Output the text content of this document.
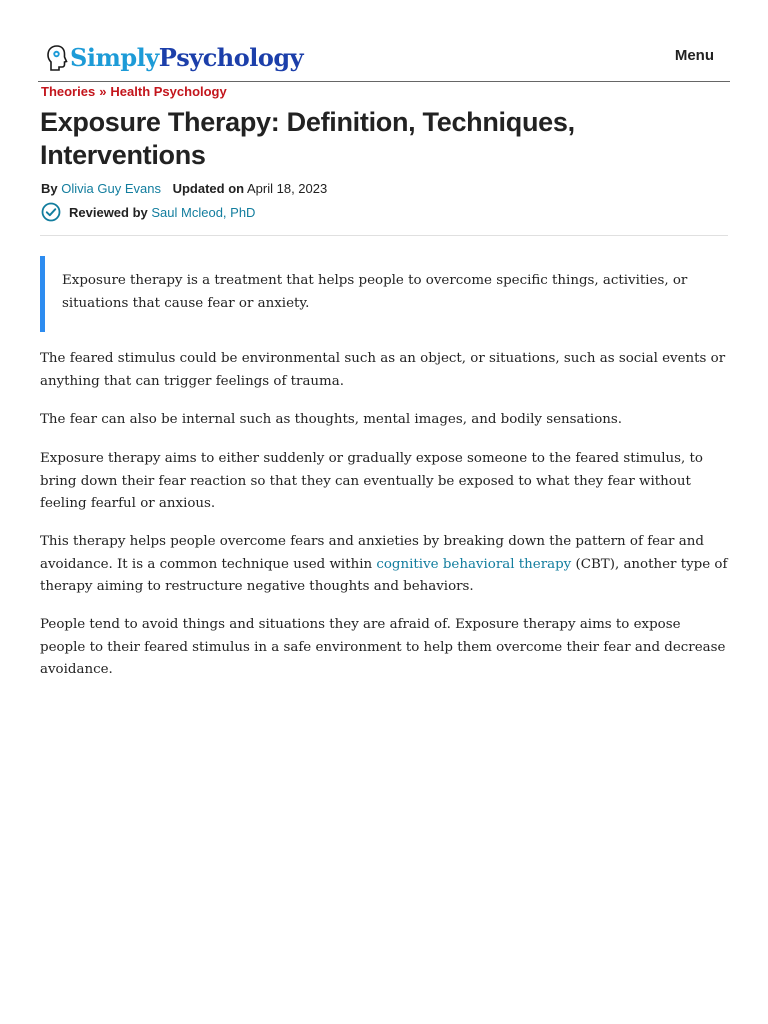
SimplyPsychology	Menu
Theories » Health Psychology
Exposure Therapy: Definition, Techniques, Interventions
By Olivia Guy Evans Updated on April 18, 2023
Reviewed by
Saul Mcleod, PhD

Exposure therapy is a treatment that helps people to overcome specific things, activities, or situations that cause fear or anxiety.

The feared stimulus could be environmental such as an object, or situations, such as social events or anything that can trigger feelings of trauma.

The fear can also be internal such as thoughts, mental images, and bodily sensations.

Exposure therapy aims to either suddenly or gradually expose someone to the feared stimulus, to bring down their fear reaction so that they can eventually be exposed to what they fear without feeling fearful or anxious.

This therapy helps people overcome fears and anxieties by breaking down the pattern of fear and avoidance. It is a common technique used within cognitive behavioral therapy (CBT), another type of therapy aiming to restructure negative thoughts and behaviors.

People tend to avoid things and situations they are afraid of. Exposure therapy aims to expose people to their feared stimulus in a safe environment to help them overcome their fear and decrease avoidance.
